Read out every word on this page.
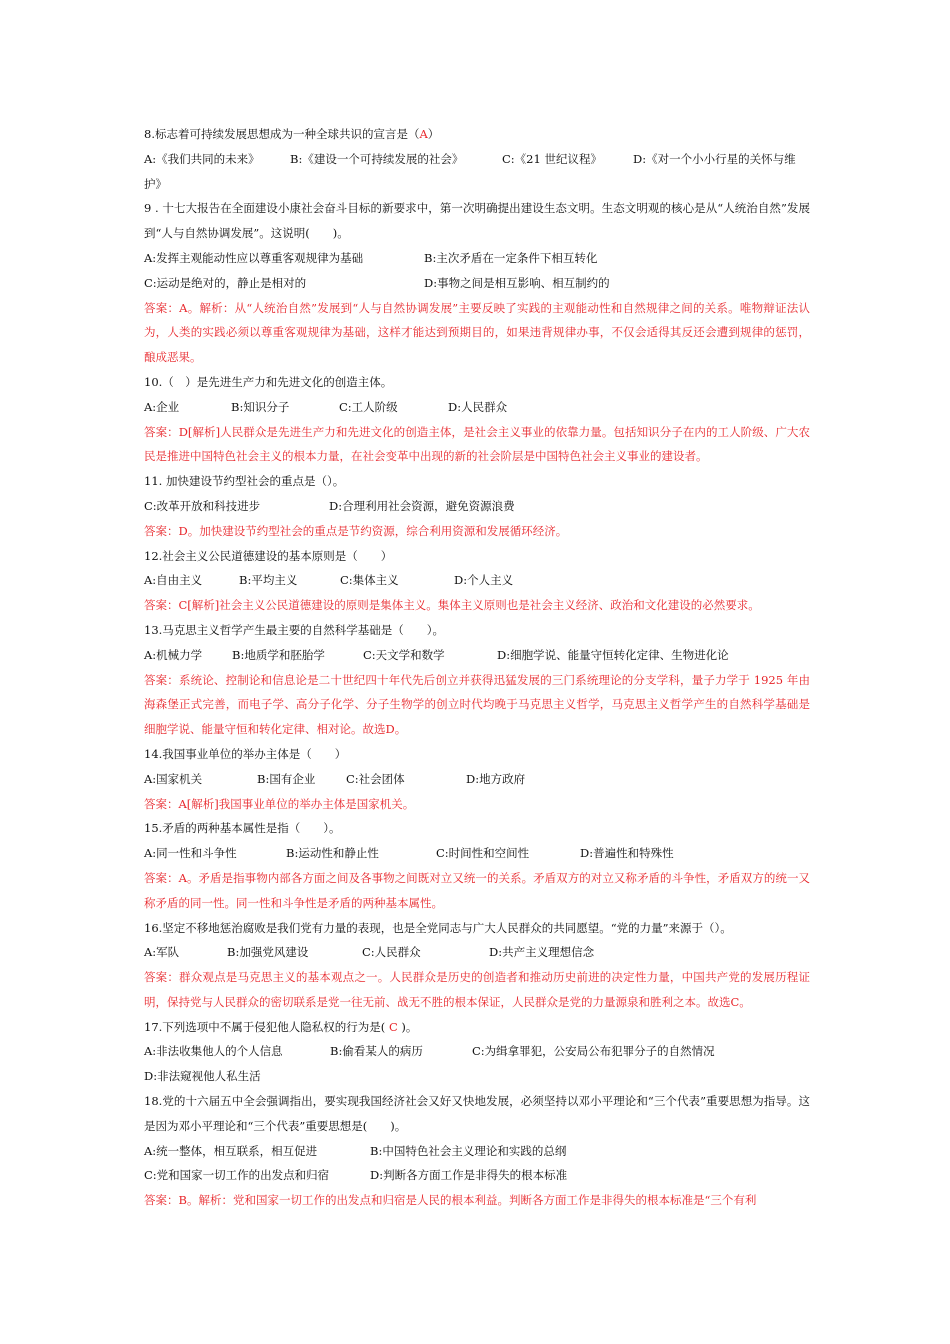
8.标志着可持续发展思想成为一种全球共识的宣言是（A）
A:《我们共同的未来》	B:《建设一个可持续发展的社会》	C:《21 世纪议程》	D:《对一个小小行星的关怀与维
护》
9 . 十七大报告在全面建设小康社会奋斗目标的新要求中，第一次明确提出建设生态文明。生态文明观的核心是从“人统治自然”发展到“人与自然协调发展”。这说明(　　)。
A:发挥主观能动性应以尊重客观规律为基础	B:主次矛盾在一定条件下相互转化
C:运动是绝对的，静止是相对的	D:事物之间是相互影响、相互制约的
答案：A。解析：从“人统治自然”发展到“人与自然协调发展”主要反映了实践的主观能动性和自然规律之间的关系。唯物辩证法认为，人类的实践必须以尊重客观规律为基础，这样才能达到预期目的，如果违背规律办事，不仅会适得其反还会遭到规律的惩罚，酿成恶果。
10.（　）是先进生产力和先进文化的创造主体。
A:企业	B:知识分子	C:工人阶级	D:人民群众
答案：D[解析]人民群众是先进生产力和先进文化的创造主体，是社会主义事业的依靠力量。包括知识分子在内的工人阶级、广大农民是推进中国特色社会主义的根本力量，在社会变革中出现的新的社会阶层是中国特色社会主义事业的建设者。
11. 加快建设节约型社会的重点是（）。
C:改革开放和科技进步	D:合理利用社会资源，避免资源浪费
答案：D。加快建设节约型社会的重点是节约资源，综合利用资源和发展循环经济。
12.社会主义公民道德建设的基本原则是（　　）
A:自由主义	B:平均主义	C:集体主义	D:个人主义
答案：C[解析]社会主义公民道德建设的原则是集体主义。集体主义原则也是社会主义经济、政治和文化建设的必然要求。
13.马克思主义哲学产生最主要的自然科学基础是（　　）。
A:机械力学	B:地质学和胚胎学	C:天文学和数学	D:细胞学说、能量守恒转化定律、生物进化论
答案：系统论、控制论和信息论是二十世纪四十年代先后创立并获得迅猛发展的三门系统理论的分支学科，量子力学于 1925 年由海森堡正式完善，而电子学、高分子化学、分子生物学的创立时代均晚于马克思主义哲学，马克思主义哲学产生的自然科学基础是细胞学说、能量守恒和转化定律、相对论。故选D。
14.我国事业单位的举办主体是（　　）
A:国家机关	B:国有企业	C:社会团体	D:地方政府
答案：A[解析]我国事业单位的举办主体是国家机关。
15.矛盾的两种基本属性是指（　　）。
A:同一性和斗争性	B:运动性和静止性	C:时间性和空间性	D:普遍性和特殊性
答案：A。矛盾是指事物内部各方面之间及各事物之间既对立又统一的关系。矛盾双方的对立又称矛盾的斗争性，矛盾双方的统一又称矛盾的同一性。同一性和斗争性是矛盾的两种基本属性。
16.坚定不移地惩治腐败是我们党有力量的表现，也是全党同志与广大人民群众的共同愿望。“党的力量”来源于（）。
A:军队	B:加强党风建设	C:人民群众	D:共产主义理想信念
答案：群众观点是马克思主义的基本观点之一。人民群众是历史的创造者和推动历史前进的决定性力量，中国共产党的发展历程证明，保持党与人民群众的密切联系是党一往无前、战无不胜的根本保证，人民群众是党的力量源泉和胜利之本。故选C。
17.下列选项中不属于侵犯他人隐私权的行为是( C )。
A:非法收集他人的个人信息	B:偷看某人的病历	C:为缉拿罪犯，公安局公布犯罪分子的自然情况
D:非法窥视他人私生活
18.党的十六届五中全会强调指出，要实现我国经济社会又好又快地发展，必须坚持以邓小平理论和“三个代表”重要思想为指导。这是因为邓小平理论和“三个代表”重要思想是(　　)。
A:统一整体，相互联系，相互促进	B:中国特色社会主义理论和实践的总纲
C:党和国家一切工作的出发点和归宿	D:判断各方面工作是非得失的根本标准
答案：B。解析：党和国家一切工作的出发点和归宿是人民的根本利益。判断各方面工作是非得失的根本标准是“三个有利
